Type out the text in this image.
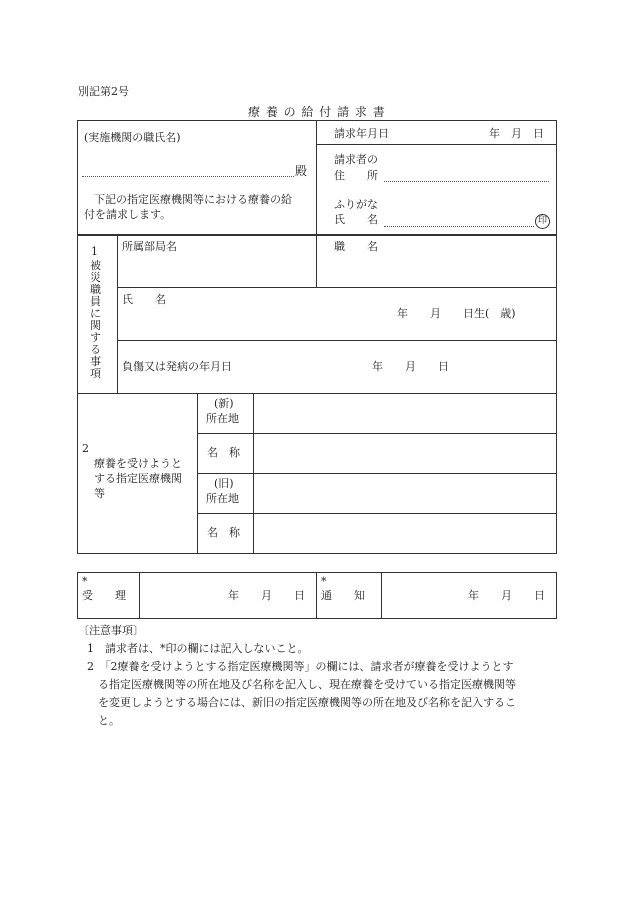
別記第2号
療 養 の 給 付 請 求 書
(実施機関の職氏名)
殿
下記の指定医療機関等における療養の給
付を請求します。
請求年月日	年　月　日
請求者の
住　　所
ふりがな
氏　　名	印
1
被
災
職
員
に
関
す
る
事
項
所属部局名	職　　名
氏　　名
年　　月　　日生(　歳)
負傷又は発病の年月日	年　　月　　日
2
療養を受けようと
する指定医療機関
等
(新)
所在地
名　称
(旧)
所在地
名　称
*
受　　理	年　　月　　日
*
通　　知	年　　月　　日
〔注意事項〕
1　請求者は、*印の欄には記入しないこと。
2　「2療養を受けようとする指定医療機関等」の欄には、請求者が療養を受けようとす
る指定医療機関等の所在地及び名称を記入し、現在療養を受けている指定医療機関等
を変更しようとする場合には、新旧の指定医療機関等の所在地及び名称を記入するこ
と。
